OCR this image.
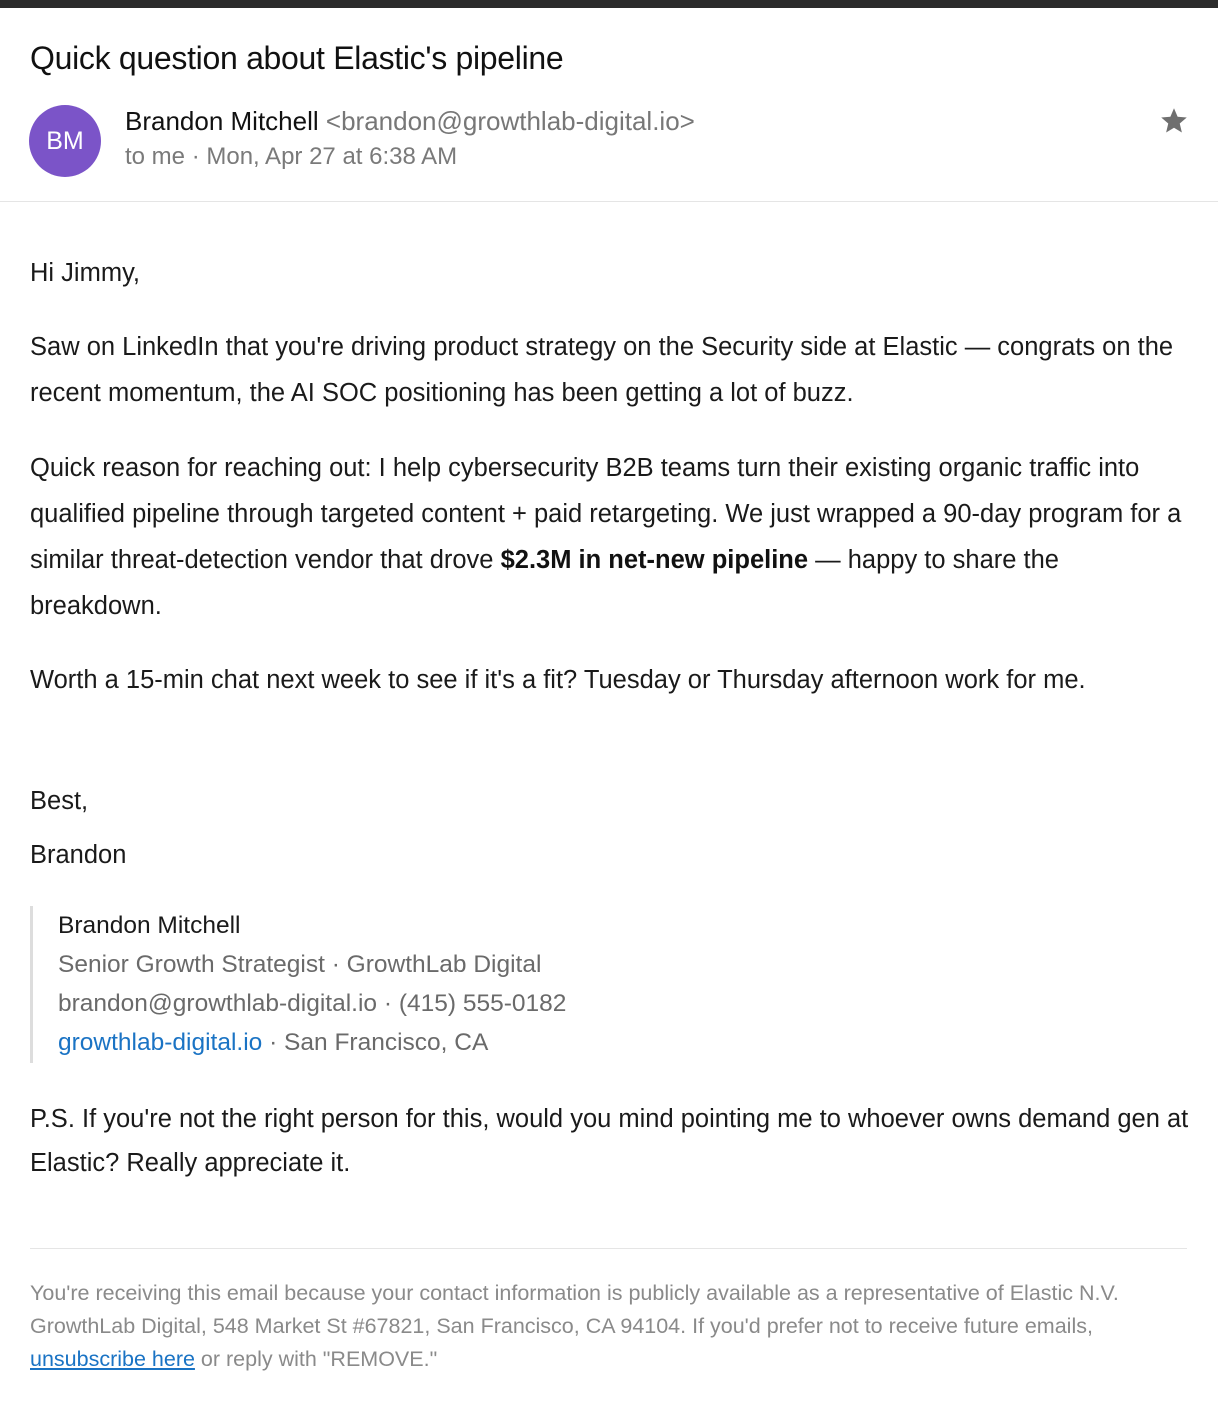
Quick question about Elastic's pipeline
BM
Brandon Mitchell <brandon@growthlab-digital.io>
to me · Mon, Apr 27 at 6:38 AM

Hi Jimmy,

Saw on LinkedIn that you're driving product strategy on the Security side at Elastic — congrats on the recent momentum, the AI SOC positioning has been getting a lot of buzz.

Quick reason for reaching out: I help cybersecurity B2B teams turn their existing organic traffic into qualified pipeline through targeted content + paid retargeting. We just wrapped a 90-day program for a similar threat-detection vendor that drove $2.3M in net-new pipeline — happy to share the breakdown.

Worth a 15-min chat next week to see if it's a fit? Tuesday or Thursday afternoon work for me.

Best,

Brandon

Brandon Mitchell
Senior Growth Strategist · GrowthLab Digital
brandon@growthlab-digital.io · (415) 555-0182
growthlab-digital.io · San Francisco, CA

P.S. If you're not the right person for this, would you mind pointing me to whoever owns demand gen at Elastic? Really appreciate it.

You're receiving this email because your contact information is publicly available as a representative of Elastic N.V. GrowthLab Digital, 548 Market St #67821, San Francisco, CA 94104. If you'd prefer not to receive future emails, unsubscribe here or reply with "REMOVE."
